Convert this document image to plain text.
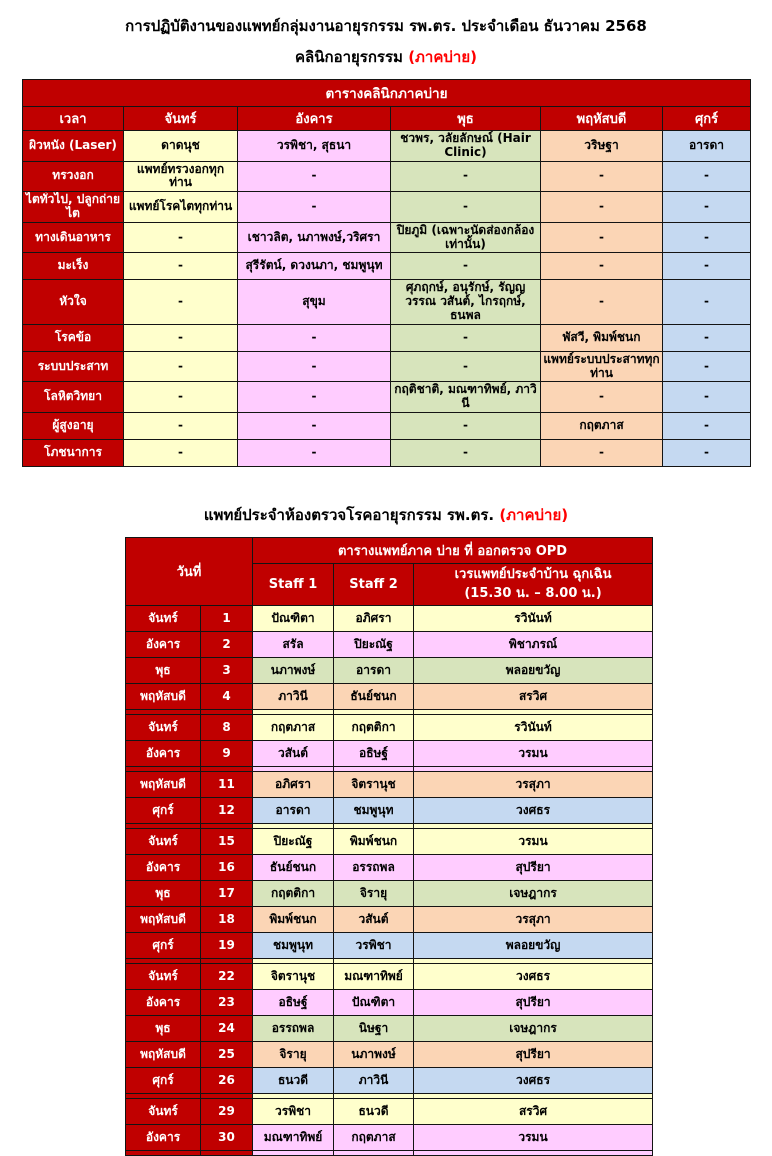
การปฏิบัติงานของแพทย์กลุ่มงานอายุรกรรม รพ.ตร. ประจำเดือน ธันวาคม 2568
คลินิกอายุรกรรม (ภาคบ่าย)
ตารางคลินิกภาคบ่าย					
เวลา	จันทร์	อังคาร	พุธ	พฤหัสบดี	ศุกร์
ผิวหนัง (Laser)	ดาดนุช	วรพิชา, สุธนา	ชวพร, วลัยลักษณ์ (Hair Clinic)	วริษฐา	อารดา
ทรวงอก	แพทย์ทรวงอกทุกท่าน	-	-	-	-
ไตทั่วไป, ปลูกถ่ายไต	แพทย์โรคไตทุกท่าน	-	-	-	-
ทางเดินอาหาร	-	เชาวลิต, นภาพงษ์,วริศรา	ปิยภูมิ (เฉพาะนัดส่องกล้องเท่านั้น)	-	-
มะเร็ง	-	สุรีรัตน์, ดวงนภา, ชมพูนุท	-	-	-
หัวใจ	-	สุขุม	ศุภฤกษ์, อนุรักษ์, รัญญวรรณ วสันต์, ไกรฤกษ์, ธนพล	-	-
โรคข้อ	-	-	-	พัสวี, พิมพ์ชนก	-
ระบบประสาท	-	-	-	แพทย์ระบบประสาททุกท่าน	-
โลหิตวิทยา	-	-	กฤติชาติ, มณฑาทิพย์, ภาวินี	-	-
ผู้สูงอายุ	-	-	-	กฤตภาส	-
โภชนาการ	-	-	-	-	-
แพทย์ประจำห้องตรวจโรคอายุรกรรม รพ.ตร. (ภาคบ่าย)
วันที่		ตารางแพทย์ภาค บ่าย ที่ ออกตรวจ OPD		
		Staff 1	Staff 2	เวรแพทย์ประจำบ้าน ฉุกเฉิน
(15.30 น. – 8.00 น.)

จันทร์	1	ปัณฑิตา	อภิศรา	รวินันท์
อังคาร	2	สรัล	ปิยะณัฐ	พิชาภรณ์
พุธ	3	นภาพงษ์	อารดา	พลอยขวัญ
พฤหัสบดี	4	ภาวินี	ธันย์ชนก	สรวิศ

จันทร์	8	กฤตภาส	กฤตติกา	รวินันท์
อังคาร	9	วสันต์	อธิษฐ์	วรมน

พฤหัสบดี	11	อภิศรา	จิตรานุช	วรสุภา
ศุกร์	12	อารดา	ชมพูนุท	วงศธร

จันทร์	15	ปิยะณัฐ	พิมพ์ชนก	วรมน
อังคาร	16	ธันย์ชนก	อรรถพล	สุปรียา
พุธ	17	กฤตติกา	จิรายุ	เจษฎากร
พฤหัสบดี	18	พิมพ์ชนก	วสันต์	วรสุภา
ศุกร์	19	ชมพูนุท	วรพิชา	พลอยขวัญ

จันทร์	22	จิตรานุช	มณฑาทิพย์	วงศธร
อังคาร	23	อธิษฐ์	ปัณฑิตา	สุปรียา
พุธ	24	อรรถพล	นิษฐา	เจษฎากร
พฤหัสบดี	25	จิรายุ	นภาพงษ์	สุปรียา
ศุกร์	26	ธนวดี	ภาวินี	วงศธร

จันทร์	29	วรพิชา	ธนวดี	สรวิศ
อังคาร	30	มณฑาทิพย์	กฤตภาส	วรมน
